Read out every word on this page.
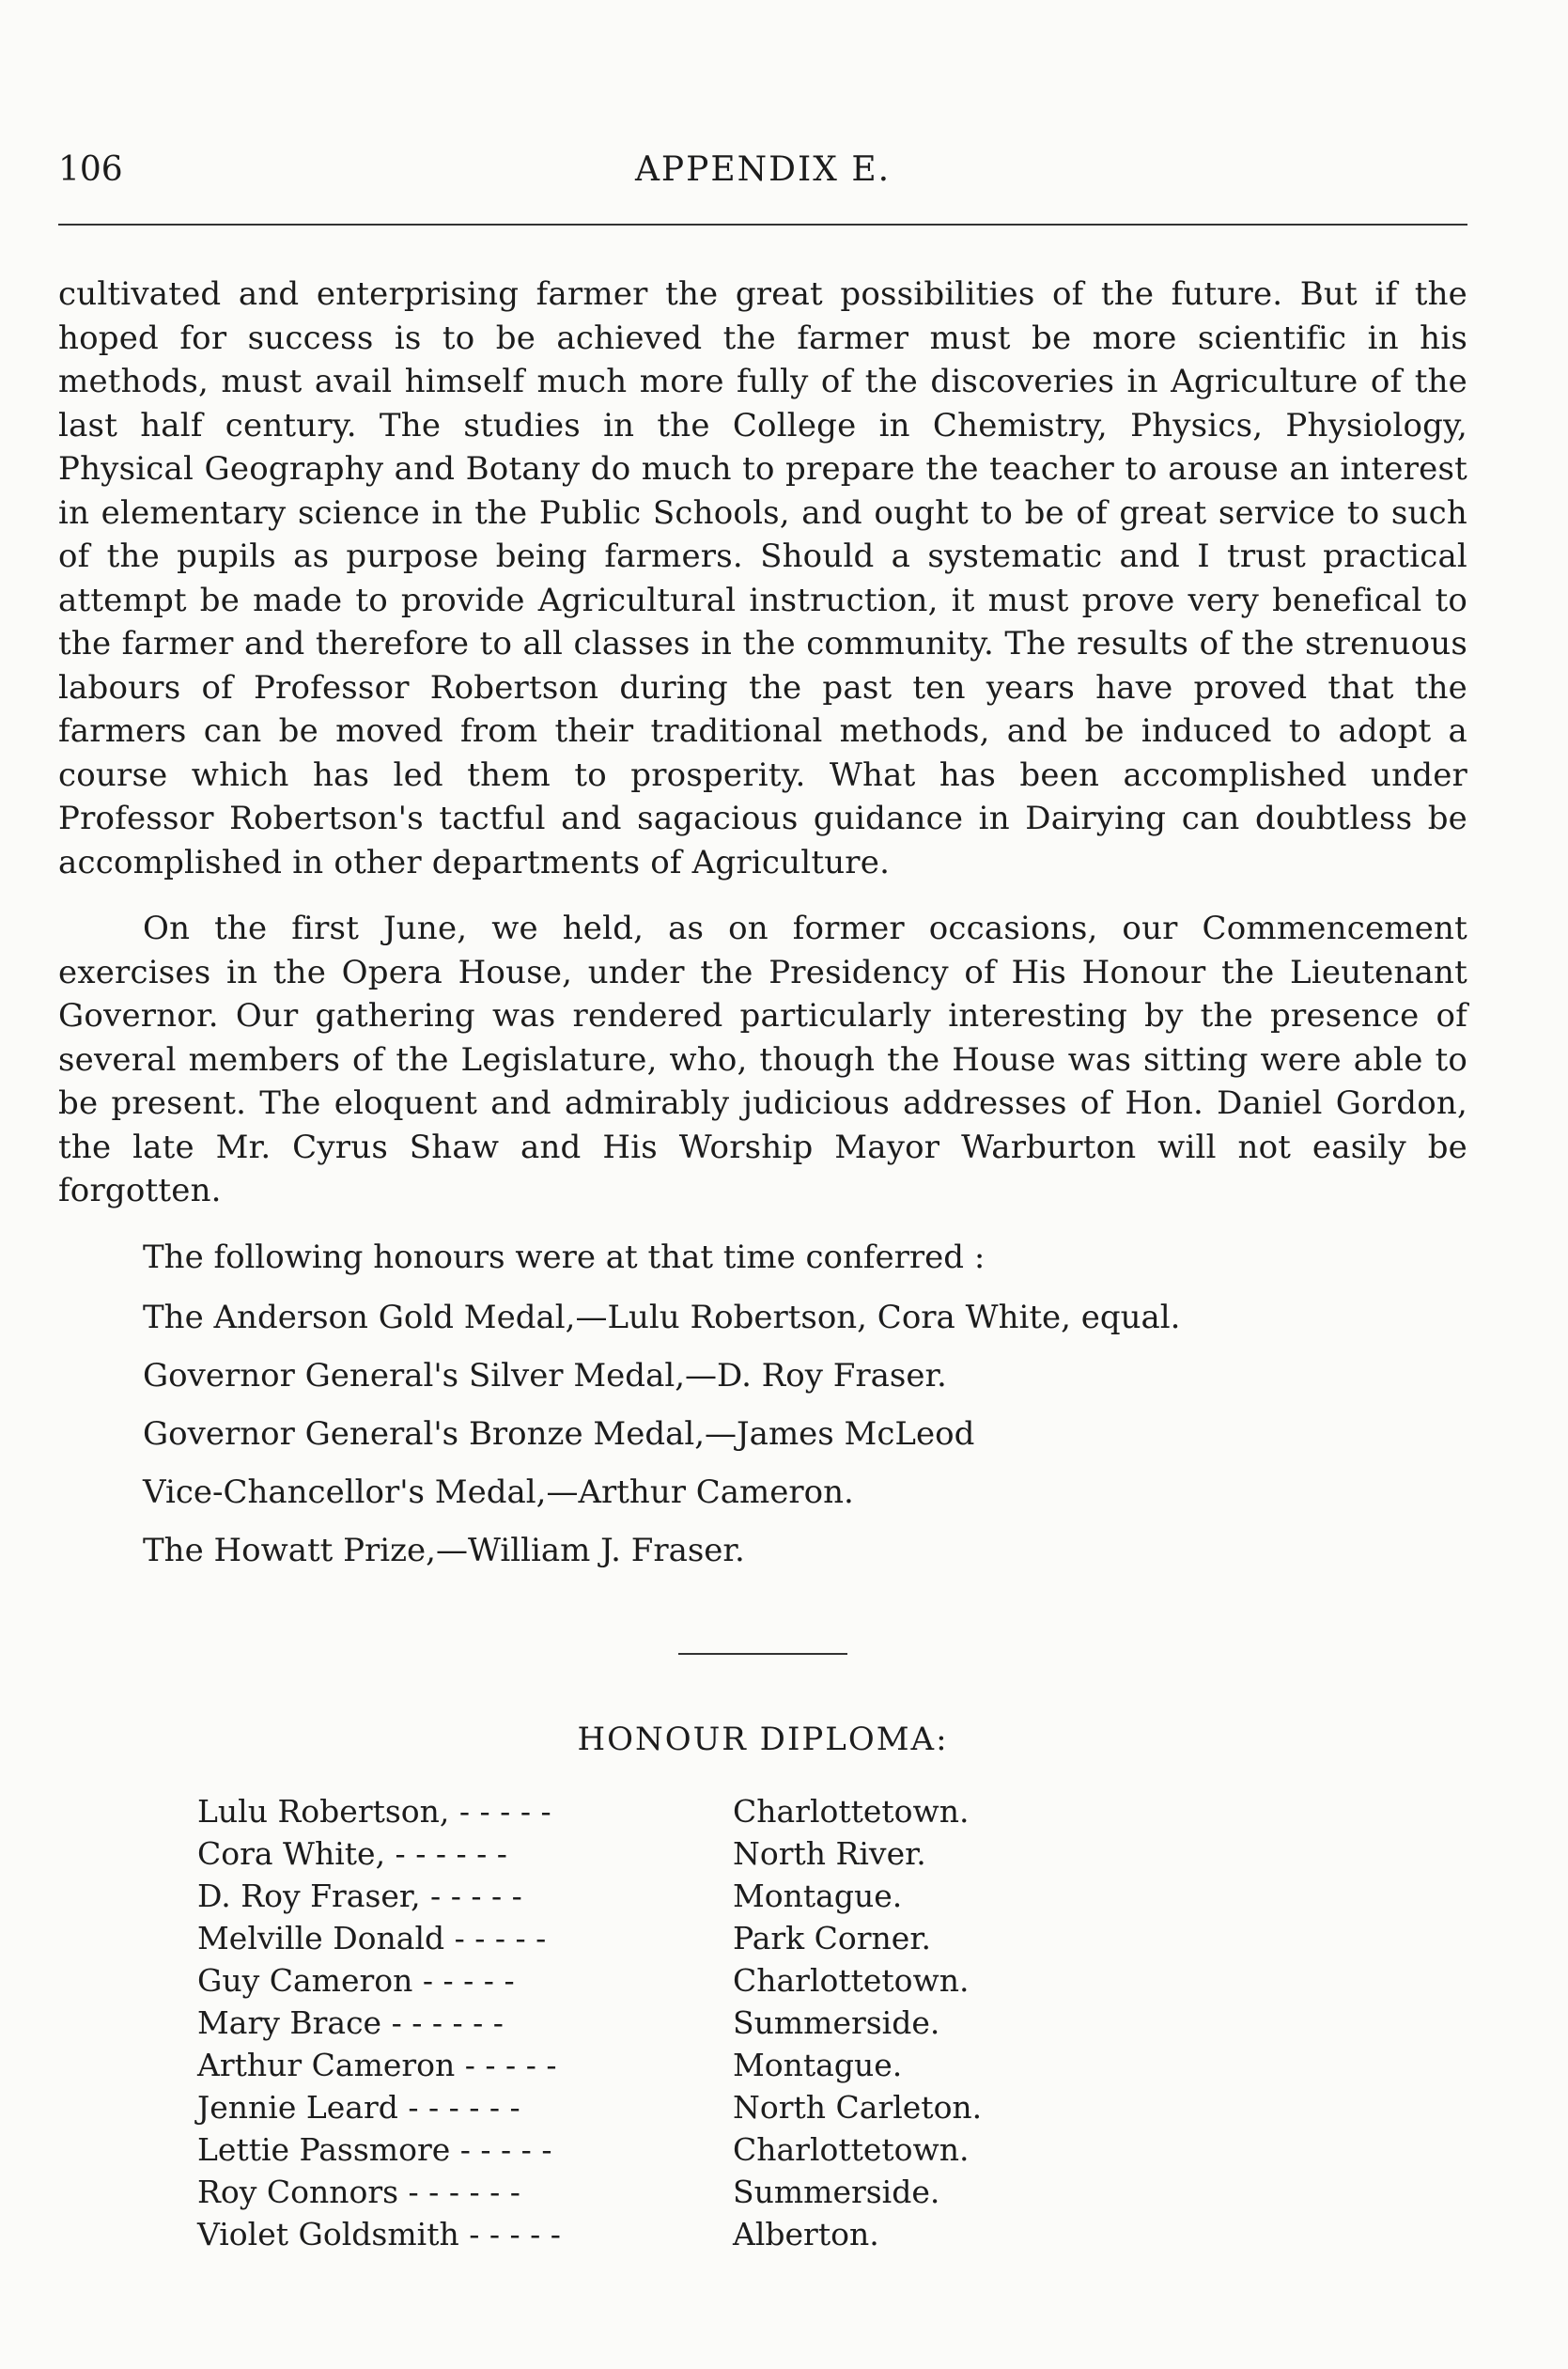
106	APPENDIX E.

cultivated and enterprising farmer the great possibilities of the future. But if the hoped for success is to be achieved the farmer must be more scientific in his methods, must avail himself much more fully of the discoveries in Agriculture of the last half century. The studies in the College in Chemistry, Physics, Physiology, Physical Geography and Botany do much to prepare the teacher to arouse an interest in elementary science in the Public Schools, and ought to be of great service to such of the pupils as purpose being farmers. Should a systematic and I trust practical attempt be made to provide Agricultural instruction, it must prove very benefical to the farmer and therefore to all classes in the community. The results of the strenuous labours of Professor Robertson during the past ten years have proved that the farmers can be moved from their traditional methods, and be induced to adopt a course which has led them to prosperity. What has been accomplished under Professor Robertson's tactful and sagacious guidance in Dairying can doubtless be accomplished in other departments of Agriculture.

On the first June, we held, as on former occasions, our Commencement exercises in the Opera House, under the Presidency of His Honour the Lieutenant Governor. Our gathering was rendered particularly interesting by the presence of several members of the Legislature, who, though the House was sitting were able to be present. The eloquent and admirably judicious addresses of Hon. Daniel Gordon, the late Mr. Cyrus Shaw and His Worship Mayor Warburton will not easily be forgotten.

The following honours were at that time conferred :

The Anderson Gold Medal,—Lulu Robertson, Cora White, equal.
Governor General's Silver Medal,—D. Roy Fraser.
Governor General's Bronze Medal,—James McLeod
Vice-Chancellor's Medal,—Arthur Cameron.
The Howatt Prize,—William J. Fraser.
HONOUR DIPLOMA:
Lulu Robertson, - - - - -	Charlottetown.
Cora White, - - - - - -	North River.
D. Roy Fraser, - - - - -	Montague.
Melville Donald - - - - -	Park Corner.
Guy Cameron - - - - -	Charlottetown.
Mary Brace - - - - - -	Summerside.
Arthur Cameron - - - - -	Montague.
Jennie Leard - - - - - -	North Carleton.
Lettie Passmore - - - - -	Charlottetown.
Roy Connors - - - - - -	Summerside.
Violet Goldsmith - - - - -	Alberton.
